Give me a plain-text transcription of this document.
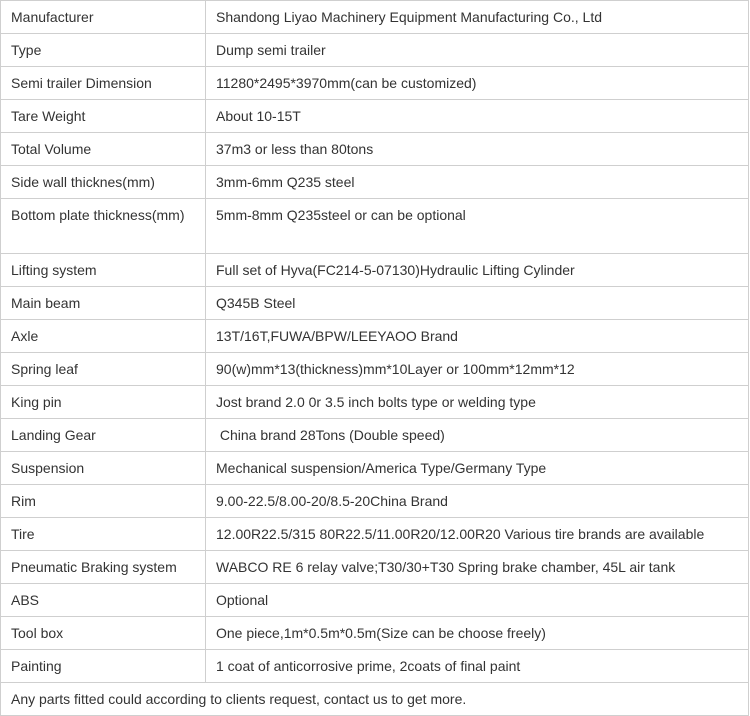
Manufacturer	Shandong Liyao Machinery Equipment Manufacturing Co., Ltd
Type	Dump semi trailer
Semi trailer Dimension	11280*2495*3970mm(can be customized)
Tare Weight	About 10-15T
Total Volume	37m3 or less than 80tons
Side wall thicknes(mm)	3mm-6mm Q235 steel
Bottom plate thickness(mm)	5mm-8mm Q235steel or can be optional
Lifting system	Full set of Hyva(FC214-5-07130)Hydraulic Lifting Cylinder
Main beam	Q345B Steel
Axle	13T/16T,FUWA/BPW/LEEYAOO Brand
Spring leaf	90(w)mm*13(thickness)mm*10Layer or 100mm*12mm*12
King pin	Jost brand 2.0 0r 3.5 inch bolts type or welding type
Landing Gear	China brand 28Tons (Double speed)
Suspension	Mechanical suspension/America Type/Germany Type
Rim	9.00-22.5/8.00-20/8.5-20China Brand
Tire	12.00R22.5/315 80R22.5/11.00R20/12.00R20 Various tire brands are available
Pneumatic Braking system	WABCO RE 6 relay valve;T30/30+T30 Spring brake chamber, 45L air tank
ABS	Optional
Tool box	One piece,1m*0.5m*0.5m(Size can be choose freely)
Painting	1 coat of anticorrosive prime, 2coats of final paint
Any parts fitted could according to clients request, contact us to get more.	
